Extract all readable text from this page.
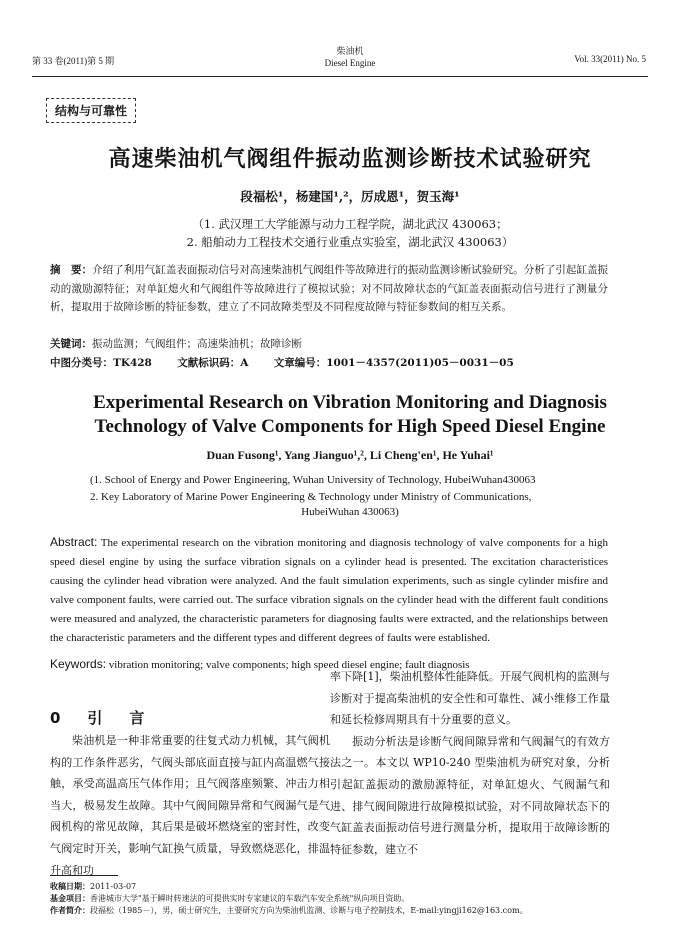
第 33 卷(2011)第 5 期
柴油机
Diesel Engine	Vol. 33(2011) No. 5
结构与可靠性
高速柴油机气阀组件振动监测诊断技术试验研究
段福松¹，杨建国¹,²，厉成恩¹，贺玉海¹
（1. 武汉理工大学能源与动力工程学院，湖北武汉 430063；
2. 船舶动力工程技术交通行业重点实验室，湖北武汉 430063）
摘　要：介绍了利用气缸盖表面振动信号对高速柴油机气阀组件等故障进行的振动监测诊断试验研究。分析了引起缸盖振动的激励源特征；对单缸熄火和气阀组件等故障进行了模拟试验；对不同故障状态的气缸盖表面振动信号进行了测量分析，提取用于故障诊断的特征参数，建立了不同故障类型及不同程度故障与特征参数间的相互关系。
关键词：振动监测；气阀组件；高速柴油机；故障诊断
中图分类号：TK428 文献标识码：A 文章编号：1001－4357(2011)05－0031－05
Experimental Research on Vibration Monitoring and Diagnosis
Technology of Valve Components for High Speed Diesel Engine
Duan Fusong¹, Yang Jianguo¹,², Li Cheng'en¹, He Yuhai¹
(1. School of Energy and Power Engineering, Wuhan University of Technology, HubeiWuhan430063
2. Key Laboratory of Marine Power Engineering & Technology under Ministry of Communications,
HubeiWuhan 430063)
Abstract: The experimental research on the vibration monitoring and diagnosis technology of valve components for a high speed diesel engine by using the surface vibration signals on a cylinder head is presented. The excitation characteristices causing the cylinder head vibration were analyzed. And the fault simulation experiments, such as single cylinder misfire and valve component faults, were carried out. The surface vibration signals on the cylinder head with the different fault conditions were measured and analyzed, the characteristic parameters for diagnosing faults were extracted, and the relationships between the characteristic parameters and the different types and different degrees of faults were established.
Keywords: vibration monitoring; valve components; high speed diesel engine; fault diagnosis
0　引　言
柴油机是一种非常重要的往复式动力机械，其气阀机构的工作条件恶劣，气阀头部底面直接与缸内高温燃气接触，承受高温高压气体作用；且气阀落座频繁、冲击力相当大，极易发生故障。其中气阀间隙异常和气阀漏气是气阀机构的常见故障，其后果是破坏燃烧室的密封性，改变气阀定时开关，影响气缸换气质量，导致燃烧恶化，排温升高和功
率下降[1]，柴油机整体性能降低。开展气阀机构的监测与诊断对于提高柴油机的安全性和可靠性、减小维修工作量和延长检修周期具有十分重要的意义。
振动分析法是诊断气阀间隙异常和气阀漏气的有效方法之一。本文以 WP10-240 型柴油机为研究对象，分析引起缸盖振动的激励源特征，对单缸熄火、气阀漏气和进、排气阀间隙进行故障模拟试验，对不同故障状态下的气缸盖表面振动信号进行测量分析，提取用于故障诊断的特征参数，建立不
收稿日期：2011-03-07
基金项目：香港城市大学"基于瞬时转速法的可提供实时专家建议的车载汽车安全系统"纵向项目资助。
作者简介：段福松（1985－），男，硕士研究生，主要研究方向为柴油机监测、诊断与电子控制技术，E-mail:yingji162@163.com。
